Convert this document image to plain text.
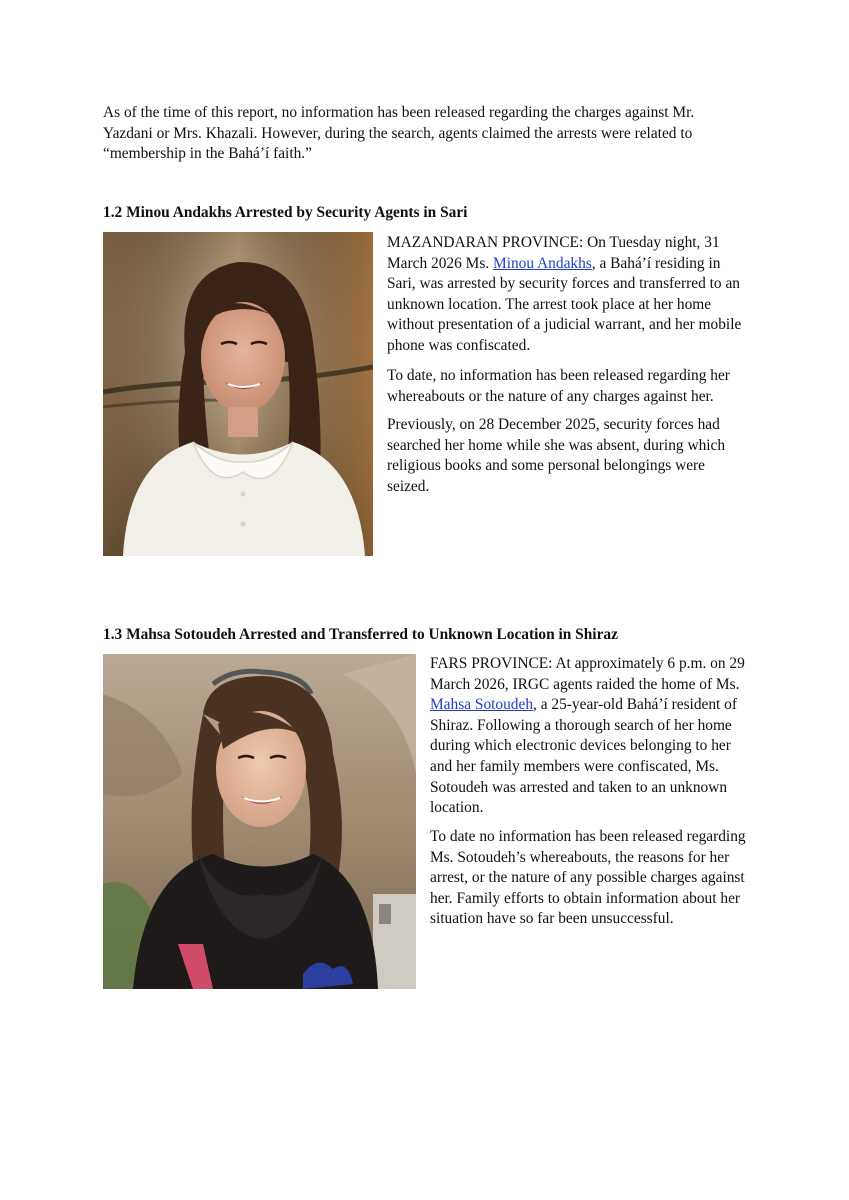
As of the time of this report, no information has been released regarding the charges against Mr. Yazdani or Mrs. Khazali. However, during the search, agents claimed the arrests were related to “membership in the Bahá’í faith.”

1.2 Minou Andakhs Arrested by Security Agents in Sari

MAZANDARAN PROVINCE: On Tuesday night, 31 March 2026 Ms. Minou Andakhs, a Bahá’í residing in Sari, was arrested by security forces and transferred to an unknown location. The arrest took place at her home without presentation of a judicial warrant, and her mobile phone was confiscated.

To date, no information has been released regarding her whereabouts or the nature of any charges against her.

Previously, on 28 December 2025, security forces had searched her home while she was absent, during which religious books and some personal belongings were seized.

1.3 Mahsa Sotoudeh Arrested and Transferred to Unknown Location in Shiraz

FARS PROVINCE: At approximately 6 p.m. on 29 March 2026, IRGC agents raided the home of Ms. Mahsa Sotoudeh, a 25-year-old Bahá’í resident of Shiraz. Following a thorough search of her home during which electronic devices belonging to her and her family members were confiscated, Ms. Sotoudeh was arrested and taken to an unknown location.

To date no information has been released regarding Ms. Sotoudeh’s whereabouts, the reasons for her arrest, or the nature of any possible charges against her. Family efforts to obtain information about her situation have so far been unsuccessful.
